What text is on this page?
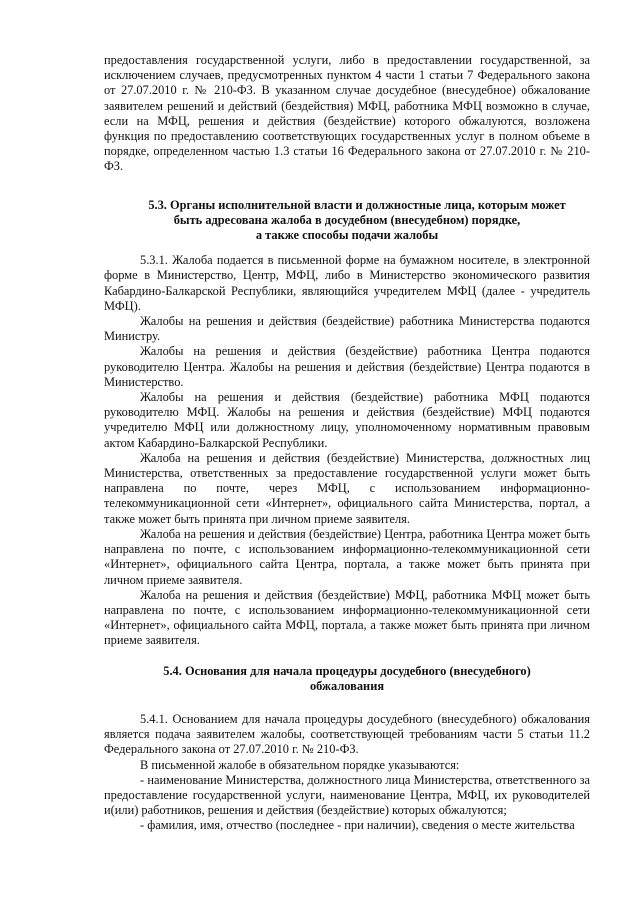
предоставления государственной услуги, либо в предоставлении государственной, за исключением случаев, предусмотренных пунктом 4 части 1 статьи 7 Федерального закона от 27.07.2010 г. № 210-ФЗ. В указанном случае досудебное (внесудебное) обжалование заявителем решений и действий (бездействия) МФЦ, работника МФЦ возможно в случае, если на МФЦ, решения и действия (бездействие) которого обжалуются, возложена функция по предоставлению соответствующих государственных услуг в полном объеме в порядке, определенном частью 1.3 статьи 16 Федерального закона от 27.07.2010 г. № 210-ФЗ.

5.3. Органы исполнительной власти и должностные лица, которым может

быть адресована жалоба в досудебном (внесудебном) порядке,

а также способы подачи жалобы

5.3.1. Жалоба подается в письменной форме на бумажном носителе, в электронной форме в Министерство, Центр, МФЦ, либо в Министерство экономического развития Кабардино-Балкарской Республики, являющийся учредителем МФЦ (далее - учредитель МФЦ).

Жалобы на решения и действия (бездействие) работника Министерства подаются Министру.

Жалобы на решения и действия (бездействие) работника Центра подаются руководителю Центра. Жалобы на решения и действия (бездействие) Центра подаются в Министерство.

Жалобы на решения и действия (бездействие) работника МФЦ подаются руководителю МФЦ. Жалобы на решения и действия (бездействие) МФЦ подаются учредителю МФЦ или должностному лицу, уполномоченному нормативным правовым актом Кабардино-Балкарской Республики.

Жалоба на решения и действия (бездействие) Министерства, должностных лиц Министерства, ответственных за предоставление государственной услуги может быть направлена по почте, через МФЦ, с использованием информационно-телекоммуникационной сети «Интернет», официального сайта Министерства, портал, а также может быть принята при личном приеме заявителя.

Жалоба на решения и действия (бездействие) Центра, работника Центра может быть направлена по почте, с использованием информационно-телекоммуникационной сети «Интернет», официального сайта Центра, портала, а также может быть принята при личном приеме заявителя.

Жалоба на решения и действия (бездействие) МФЦ, работника МФЦ может быть направлена по почте, с использованием информационно-телекоммуникационной сети «Интернет», официального сайта МФЦ, портала, а также может быть принята при личном приеме заявителя.

5.4. Основания для начала процедуры досудебного (внесудебного)

обжалования

5.4.1. Основанием для начала процедуры досудебного (внесудебного) обжалования является подача заявителем жалобы, соответствующей требованиям части 5 статьи 11.2 Федерального закона от 27.07.2010 г. № 210-ФЗ.

В письменной жалобе в обязательном порядке указываются:

- наименование Министерства, должностного лица Министерства, ответственного за предоставление государственной услуги, наименование Центра, МФЦ, их руководителей и(или) работников, решения и действия (бездействие) которых обжалуются;

- фамилия, имя, отчество (последнее - при наличии), сведения о месте жительства
